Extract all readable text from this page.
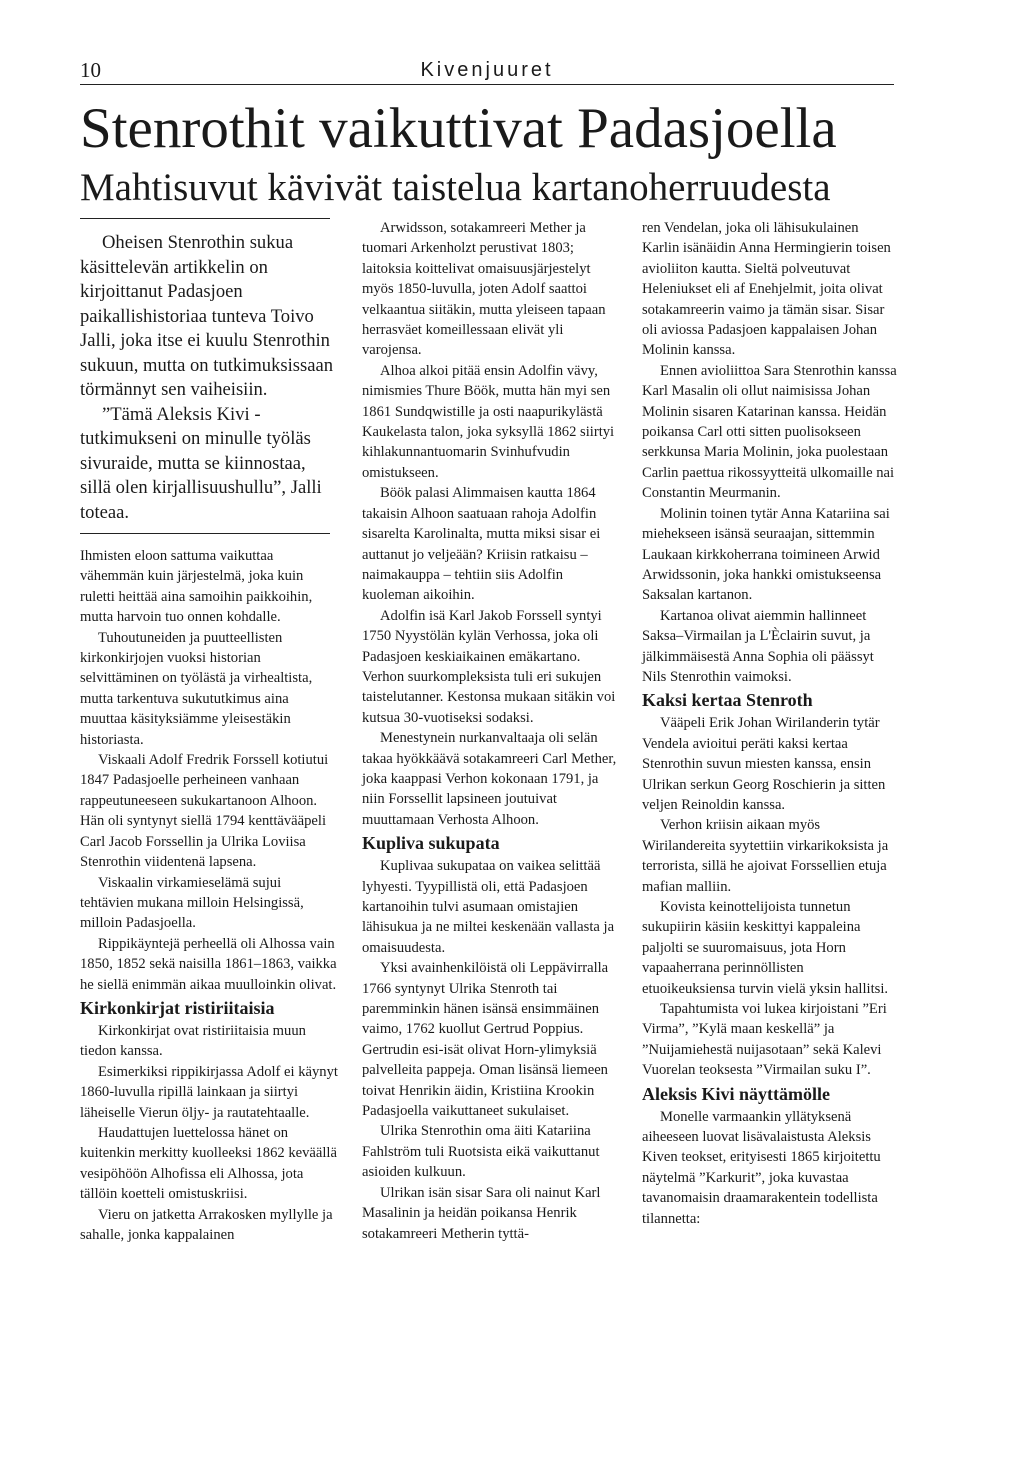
10	Kivenjuuret
Stenrothit vaikuttivat Padasjoella
Mahtisuvut kävivät taistelua kartanoherruudesta

Oheisen Stenrothin sukua käsittelevän artikkelin on kirjoittanut Padasjoen paikallishistoriaa tunteva Toivo Jalli, joka itse ei kuulu Stenrothin sukuun, mutta on tutkimuksissaan törmännyt sen vaiheisiin.

”Tämä Aleksis Kivi -tutkimukseni on minulle työläs sivuraide, mutta se kiinnostaa, sillä olen kirjallisuushullu”, Jalli toteaa.

Ihmisten eloon sattuma vaikuttaa vähemmän kuin järjestelmä, joka kuin ruletti heittää aina samoihin paikkoihin, mutta harvoin tuo onnen kohdalle.

Tuhoutuneiden ja puutteellisten kirkonkirjojen vuoksi historian selvittäminen on työlästä ja virhealtista, mutta tarkentuva sukututkimus aina muuttaa käsityksiämme yleisestäkin historiasta.

Viskaali Adolf Fredrik Forssell kotiutui 1847 Padasjoelle perheineen vanhaan rappeutuneeseen sukukartanoon Alhoon. Hän oli syntynyt siellä 1794 kenttävääpeli Carl Jacob Forssellin ja Ulrika Loviisa Stenrothin viidentenä lapsena.

Viskaalin virkamieselämä sujui tehtävien mukana milloin Helsingissä, milloin Padasjoella.

Rippikäyntejä perheellä oli Alhossa vain 1850, 1852 sekä naisilla 1861–1863, vaikka he siellä enimmän aikaa muulloinkin olivat.

Kirkonkirjat ristiriitaisia

Kirkonkirjat ovat ristiriitaisia muun tiedon kanssa.

Esimerkiksi rippikirjassa Adolf ei käynyt 1860-luvulla ripillä lainkaan ja siirtyi läheiselle Vierun öljy- ja rautatehtaalle.

Haudattujen luettelossa hänet on kuitenkin merkitty kuolleeksi 1862 keväällä vesipöhöön Alhofissa eli Alhossa, jota tällöin koetteli omistuskriisi.

Vieru on jatketta Arrakosken myllylle ja sahalle, jonka kappalainen

Arwidsson, sotakamreeri Mether ja tuomari Arkenholzt perustivat 1803; laitoksia koittelivat omaisuusjärjestelyt myös 1850-luvulla, joten Adolf saattoi velkaantua siitäkin, mutta yleiseen tapaan herrasväet komeillessaan elivät yli varojensa.

Alhoa alkoi pitää ensin Adolfin vävy, nimismies Thure Böök, mutta hän myi sen 1861 Sundqwistille ja osti naapurikylästä Kaukelasta talon, joka syksyllä 1862 siirtyi kihlakunnantuomarin Svinhufvudin omistukseen.

Böök palasi Alimmaisen kautta 1864 takaisin Alhoon saatuaan rahoja Adolfin sisarelta Karolinalta, mutta miksi sisar ei auttanut jo veljeään? Kriisin ratkaisu – naimakauppa – tehtiin siis Adolfin kuoleman aikoihin.

Adolfin isä Karl Jakob Forssell syntyi 1750 Nyystölän kylän Verhossa, joka oli Padasjoen keskiaikainen emäkartano. Verhon suurkompleksista tuli eri sukujen taistelutanner. Kestonsa mukaan sitäkin voi kutsua 30-vuotiseksi sodaksi.

Menestynein nurkanvaltaaja oli selän takaa hyökkäävä sotakamreeri Carl Mether, joka kaappasi Verhon kokonaan 1791, ja niin Forssellit lapsineen joutuivat muuttamaan Verhosta Alhoon.

Kupliva sukupata

Kuplivaa sukupataa on vaikea selittää lyhyesti. Tyypillistä oli, että Padasjoen kartanoihin tulvi asumaan omistajien lähisukua ja ne miltei keskenään vallasta ja omaisuudesta.

Yksi avainhenkilöistä oli Leppävirralla 1766 syntynyt Ulrika Stenroth tai paremminkin hänen isänsä ensimmäinen vaimo, 1762 kuollut Gertrud Poppius. Gertrudin esi-isät olivat Horn-ylimyksiä palvelleita pappeja. Oman lisänsä liemeen toivat Henrikin äidin, Kristiina Krookin Padasjoella vaikuttaneet sukulaiset.

Ulrika Stenrothin oma äiti Katariina Fahlström tuli Ruotsista eikä vaikuttanut asioiden kulkuun.

Ulrikan isän sisar Sara oli nainut Karl Masalinin ja heidän poikansa Henrik sotakamreeri Metherin tyttä-

ren Vendelan, joka oli lähisukulainen Karlin isänäidin Anna Hermingierin toisen avioliiton kautta. Sieltä polveutuvat Heleniukset eli af Enehjelmit, joita olivat sotakamreerin vaimo ja tämän sisar. Sisar oli aviossa Padasjoen kappalaisen Johan Molinin kanssa.

Ennen avioliittoa Sara Stenrothin kanssa Karl Masalin oli ollut naimisissa Johan Molinin sisaren Katarinan kanssa. Heidän poikansa Carl otti sitten puolisokseen serkkunsa Maria Molinin, joka puolestaan Carlin paettua rikossyytteitä ulkomaille nai Constantin Meurmanin.

Molinin toinen tytär Anna Katariina sai miehekseen isänsä seuraajan, sittemmin Laukaan kirkkoherrana toimineen Arwid Arwidssonin, joka hankki omistukseensa Saksalan kartanon.

Kartanoa olivat aiemmin hallinneet Saksa–Virmailan ja L'Èclairin suvut, ja jälkimmäisestä Anna Sophia oli päässyt Nils Stenrothin vaimoksi.

Kaksi kertaa Stenroth

Vääpeli Erik Johan Wirilanderin tytär Vendela avioitui peräti kaksi kertaa Stenrothin suvun miesten kanssa, ensin Ulrikan serkun Georg Roschierin ja sitten veljen Reinoldin kanssa.

Verhon kriisin aikaan myös Wirilandereita syytettiin virkarikoksista ja terrorista, sillä he ajoivat Forssellien etuja mafian malliin.

Kovista keinottelijoista tunnetun sukupiirin käsiin keskittyi kappaleina paljolti se suuromaisuus, jota Horn vapaaherrana perinnöllisten etuoikeuksiensa turvin vielä yksin hallitsi.

Tapahtumista voi lukea kirjoistani ”Eri Virma”, ”Kylä maan keskellä” ja ”Nuijamiehestä nuijasotaan” sekä Kalevi Vuorelan teoksesta ”Virmailan suku I”.

Aleksis Kivi näyttämölle

Monelle varmaankin yllätyksenä aiheeseen luovat lisävalaistusta Aleksis Kiven teokset, erityisesti 1865 kirjoitettu näytelmä ”Karkurit”, joka kuvastaa tavanomaisin draamarakentein todellista tilannetta:
